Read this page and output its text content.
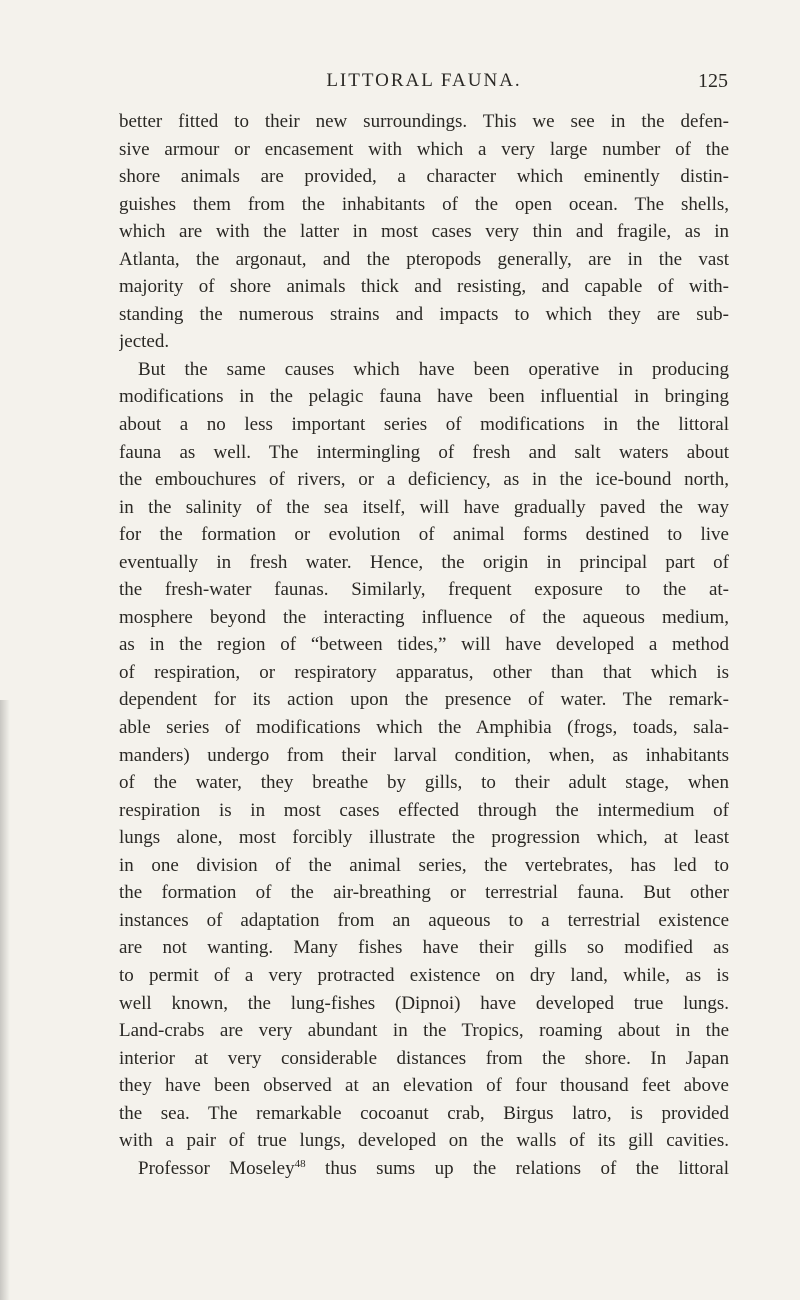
LITTORAL FAUNA.	125
better fitted to their new surroundings. This we see in the defen-
sive armour or encasement with which a very large number of the
shore animals are provided, a character which eminently distin-
guishes them from the inhabitants of the open ocean. The shells,
which are with the latter in most cases very thin and fragile, as in
Atlanta, the argonaut, and the pteropods generally, are in the vast
majority of shore animals thick and resisting, and capable of with-
standing the numerous strains and impacts to which they are sub-
jected.
But the same causes which have been operative in producing
modifications in the pelagic fauna have been influential in bringing
about a no less important series of modifications in the littoral
fauna as well. The intermingling of fresh and salt waters about
the embouchures of rivers, or a deficiency, as in the ice-bound north,
in the salinity of the sea itself, will have gradually paved the way
for the formation or evolution of animal forms destined to live
eventually in fresh water. Hence, the origin in principal part of
the fresh-water faunas. Similarly, frequent exposure to the at-
mosphere beyond the interacting influence of the aqueous medium,
as in the region of “between tides,” will have developed a method
of respiration, or respiratory apparatus, other than that which is
dependent for its action upon the presence of water. The remark-
able series of modifications which the Amphibia (frogs, toads, sala-
manders) undergo from their larval condition, when, as inhabitants
of the water, they breathe by gills, to their adult stage, when
respiration is in most cases effected through the intermedium of
lungs alone, most forcibly illustrate the progression which, at least
in one division of the animal series, the vertebrates, has led to
the formation of the air-breathing or terrestrial fauna. But other
instances of adaptation from an aqueous to a terrestrial existence
are not wanting. Many fishes have their gills so modified as
to permit of a very protracted existence on dry land, while, as is
well known, the lung-fishes (Dipnoi) have developed true lungs.
Land-crabs are very abundant in the Tropics, roaming about in the
interior at very considerable distances from the shore. In Japan
they have been observed at an elevation of four thousand feet above
the sea. The remarkable cocoanut crab, Birgus latro, is provided
with a pair of true lungs, developed on the walls of its gill cavities.
Professor Moseley$^{48}$ thus sums up the relations of the littoral
